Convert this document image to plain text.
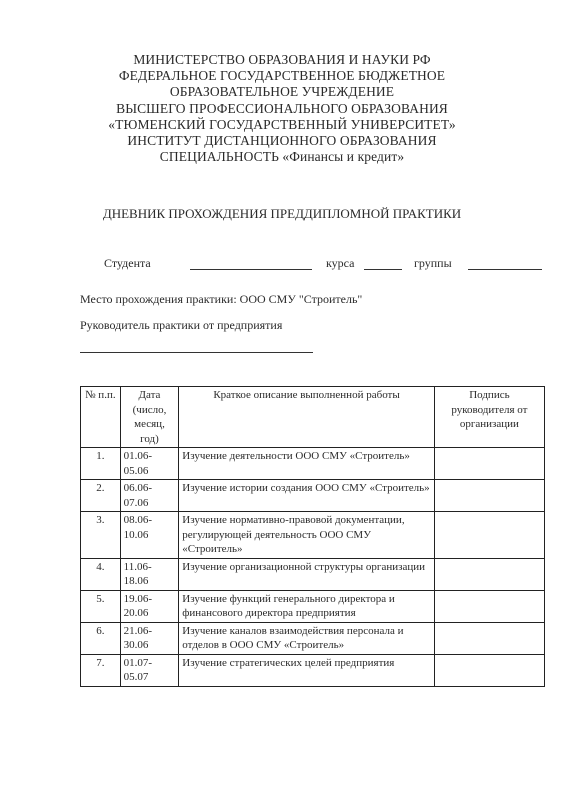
МИНИСТЕРСТВО ОБРАЗОВАНИЯ И НАУКИ РФ
ФЕДЕРАЛЬНОЕ ГОСУДАРСТВЕННОЕ БЮДЖЕТНОЕ
ОБРАЗОВАТЕЛЬНОЕ УЧРЕЖДЕНИЕ
ВЫСШЕГО ПРОФЕССИОНАЛЬНОГО ОБРАЗОВАНИЯ
«ТЮМЕНСКИЙ ГОСУДАРСТВЕННЫЙ УНИВЕРСИТЕТ»
ИНСТИТУТ ДИСТАНЦИОННОГО ОБРАЗОВАНИЯ
СПЕЦИАЛЬНОСТЬ «Финансы и кредит»
ДНЕВНИК ПРОХОЖДЕНИЯ ПРЕДДИПЛОМНОЙ ПРАКТИКИ
Студента	курса	группы
Место прохождения практики: ООО СМУ "Строитель"
Руководитель практики от предприятия
№ п.п.	Дата (число, месяц, год)	Краткое описание выполненной работы	Подпись руководителя от организации
1.	01.06-05.06	Изучение деятельности ООО СМУ «Строитель»	
2.	06.06-07.06	Изучение истории создания ООО СМУ «Строитель»	
3.	08.06-10.06	Изучение нормативно-правовой документации, регулирующей деятельность ООО СМУ «Строитель»	
4.	11.06-18.06	Изучение организационной структуры организации	
5.	19.06-20.06	Изучение функций генерального директора и финансового директора предприятия	
6.	21.06-30.06	Изучение каналов взаимодействия персонала и отделов в ООО СМУ «Строитель»	
7.	01.07-05.07	Изучение стратегических целей предприятия	
